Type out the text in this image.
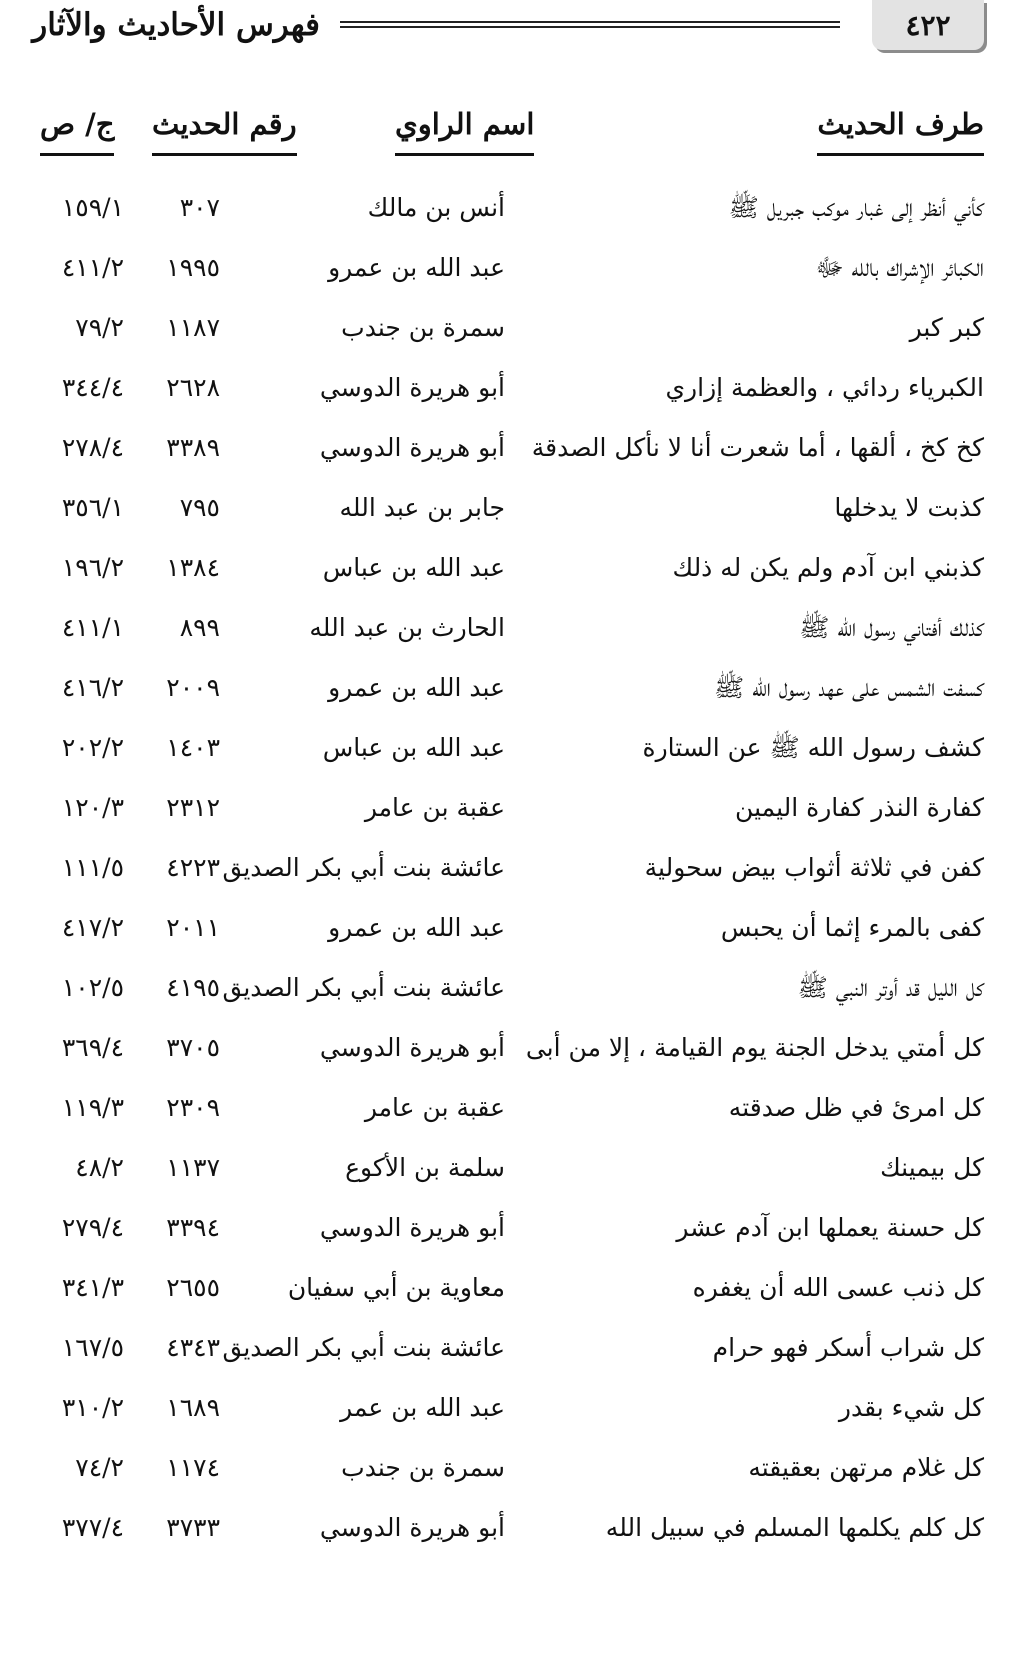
٤٢٢
فهرس الأحاديث والآثار
طرف الحديث
اسم الراوي
رقم الحديث
ج/ ص
كأني أنظر إلى غبار موكب جبريل ﷺ
أنس بن مالك
٣٠٧
١٥٩/١
الكبائر الإشراك بالله ﷻ
عبد الله بن عمرو
١٩٩٥
٤١١/٢
كبر كبر
سمرة بن جندب
١١٨٧
٧٩/٢
الكبرياء ردائي ، والعظمة إزاري
أبو هريرة الدوسي
٢٦٢٨
٣٤٤/٤
كخ كخ ، ألقها ، أما شعرت أنا لا نأكل الصدقة
أبو هريرة الدوسي
٣٣٨٩
٢٧٨/٤
كذبت لا يدخلها
جابر بن عبد الله
٧٩٥
٣٥٦/١
كذبني ابن آدم ولم يكن له ذلك
عبد الله بن عباس
١٣٨٤
١٩٦/٢
كذلك أفتاني رسول الله ﷺ
الحارث بن عبد الله
٨٩٩
٤١١/١
كسفت الشمس على عهد رسول الله ﷺ
عبد الله بن عمرو
٢٠٠٩
٤١٦/٢
كشف رسول الله ﷺ عن الستارة
عبد الله بن عباس
١٤٠٣
٢٠٢/٢
كفارة النذر كفارة اليمين
عقبة بن عامر
٢٣١٢
١٢٠/٣
كفن في ثلاثة أثواب بيض سحولية
عائشة بنت أبي بكر الصديق
٤٢٢٣
١١١/٥
كفى بالمرء إثما أن يحبس
عبد الله بن عمرو
٢٠١١
٤١٧/٢
كل الليل قد أوتر النبي ﷺ
عائشة بنت أبي بكر الصديق
٤١٩٥
١٠٢/٥
كل أمتي يدخل الجنة يوم القيامة ، إلا من أبى
أبو هريرة الدوسي
٣٧٠٥
٣٦٩/٤
كل امرئ في ظل صدقته
عقبة بن عامر
٢٣٠٩
١١٩/٣
كل بيمينك
سلمة بن الأكوع
١١٣٧
٤٨/٢
كل حسنة يعملها ابن آدم عشر
أبو هريرة الدوسي
٣٣٩٤
٢٧٩/٤
كل ذنب عسى الله أن يغفره
معاوية بن أبي سفيان
٢٦٥٥
٣٤١/٣
كل شراب أسكر فهو حرام
عائشة بنت أبي بكر الصديق
٤٣٤٣
١٦٧/٥
كل شيء بقدر
عبد الله بن عمر
١٦٨٩
٣١٠/٢
كل غلام مرتهن بعقيقته
سمرة بن جندب
١١٧٤
٧٤/٢
كل كلم يكلمها المسلم في سبيل الله
أبو هريرة الدوسي
٣٧٣٣
٣٧٧/٤
